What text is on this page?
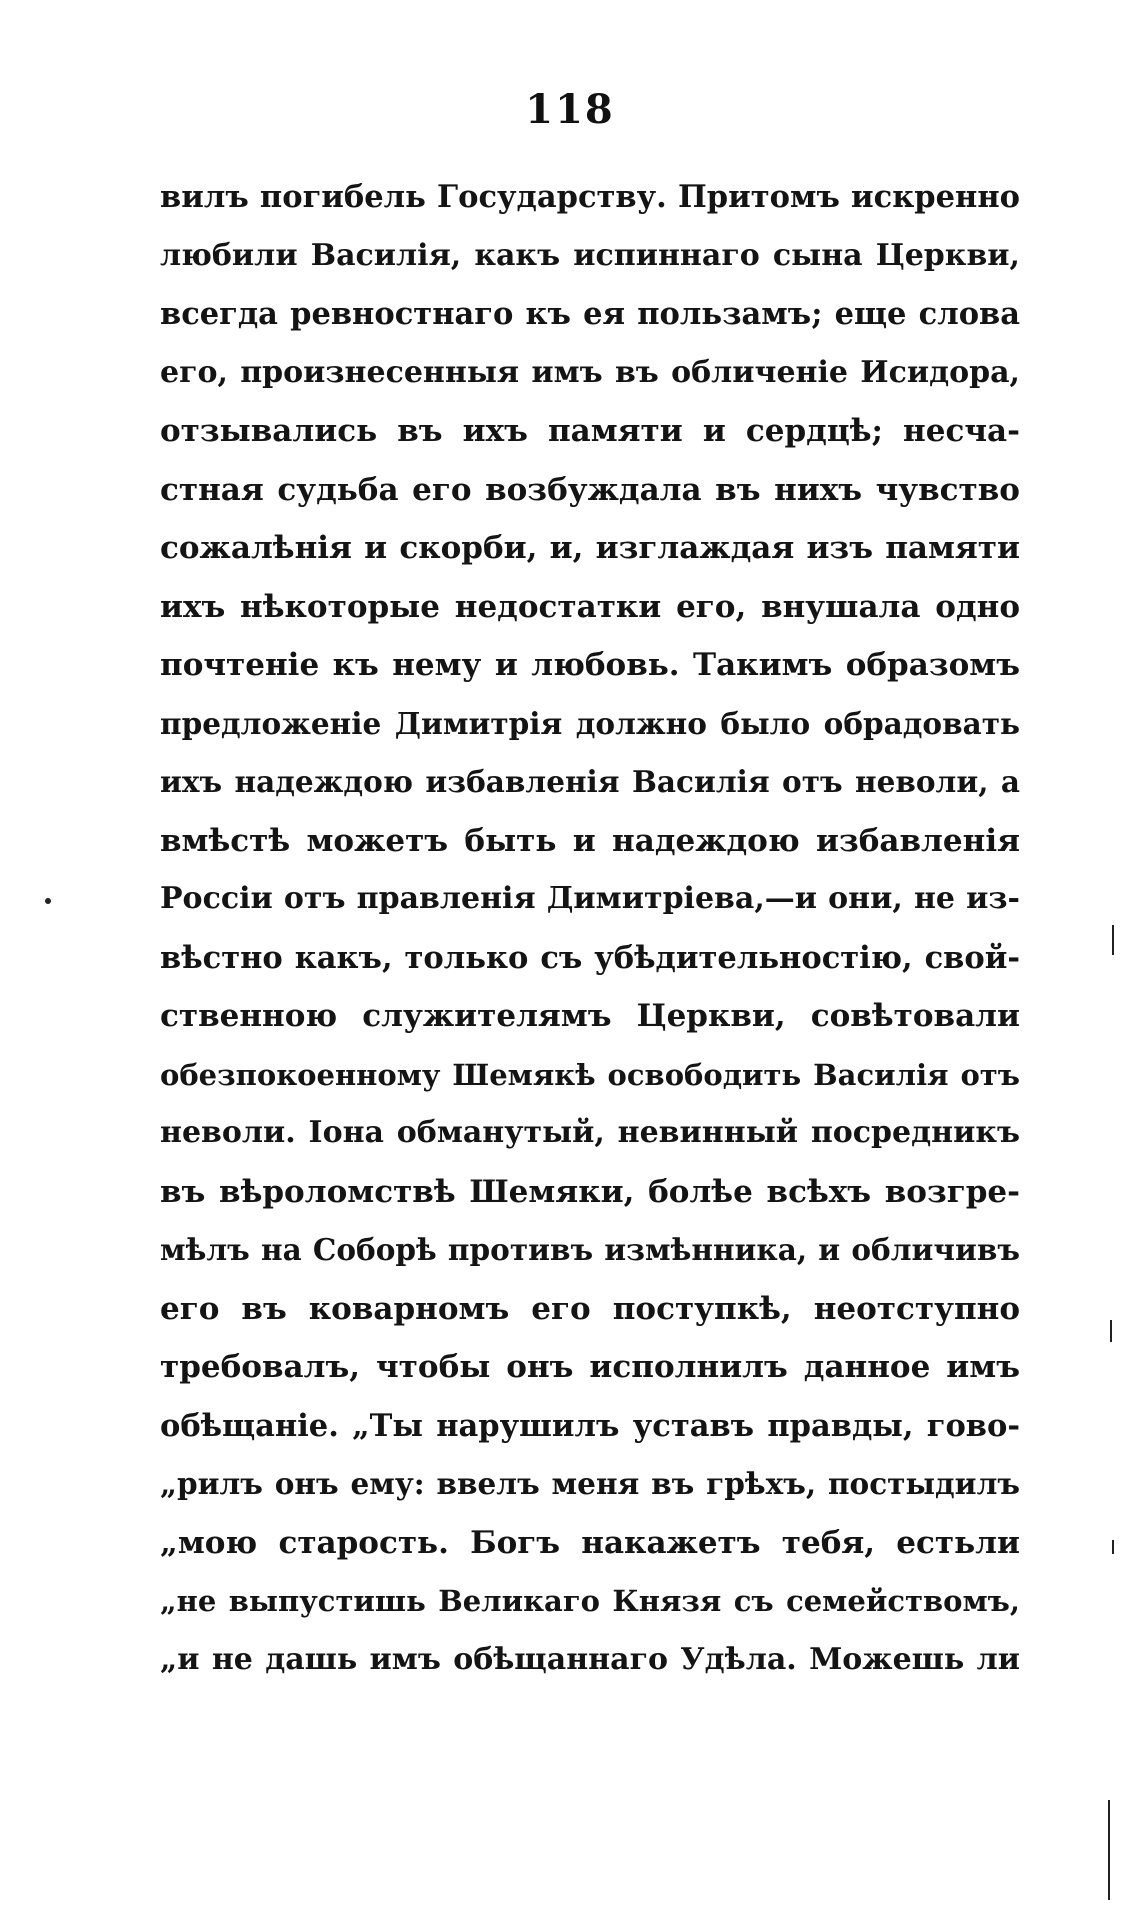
118
вилъ погибель Государству. Притомъ искренно
любили Василія, какъ испиннаго сына Церкви,
всегда ревностнаго къ ея пользамъ; еще слова
его, произнесенныя имъ въ обличеніе Исидора,
отзывались въ ихъ памяти и сердцѣ; несча-
стная судьба его возбуждала въ нихъ чувство
сожалѣнія и скорби, и, изглаждая изъ памяти
ихъ нѣкоторые недостатки его, внушала одно
почтеніе къ нему и любовь. Такимъ образомъ
предложеніе Димитрія должно было обрадовать
ихъ надеждою избавленія Василія отъ неволи, а
вмѣстѣ можетъ быть и надеждою избавленія
Россіи отъ правленія Димитріева,—и они, не из-
вѣстно какъ, только съ убѣдительностію, свой-
ственною служителямъ Церкви, совѣтовали
обезпокоенному Шемякѣ освободить Василія отъ
неволи. Іона обманутый, невинный посредникъ
въ вѣроломствѣ Шемяки, болѣе всѣхъ возгре-
мѣлъ на Соборѣ противъ измѣнника, и обличивъ
его въ коварномъ его поступкѣ, неотступно
требовалъ, чтобы онъ исполнилъ данное имъ
обѣщаніе. „Ты нарушилъ уставъ правды, гово-
„рилъ онъ ему: ввелъ меня въ грѣхъ, постыдилъ
„мою старость. Богъ накажетъ тебя, естьли
„не выпустишь Великаго Князя съ семействомъ,
„и не дашь имъ обѣщаннаго Удѣла. Можешь ли
